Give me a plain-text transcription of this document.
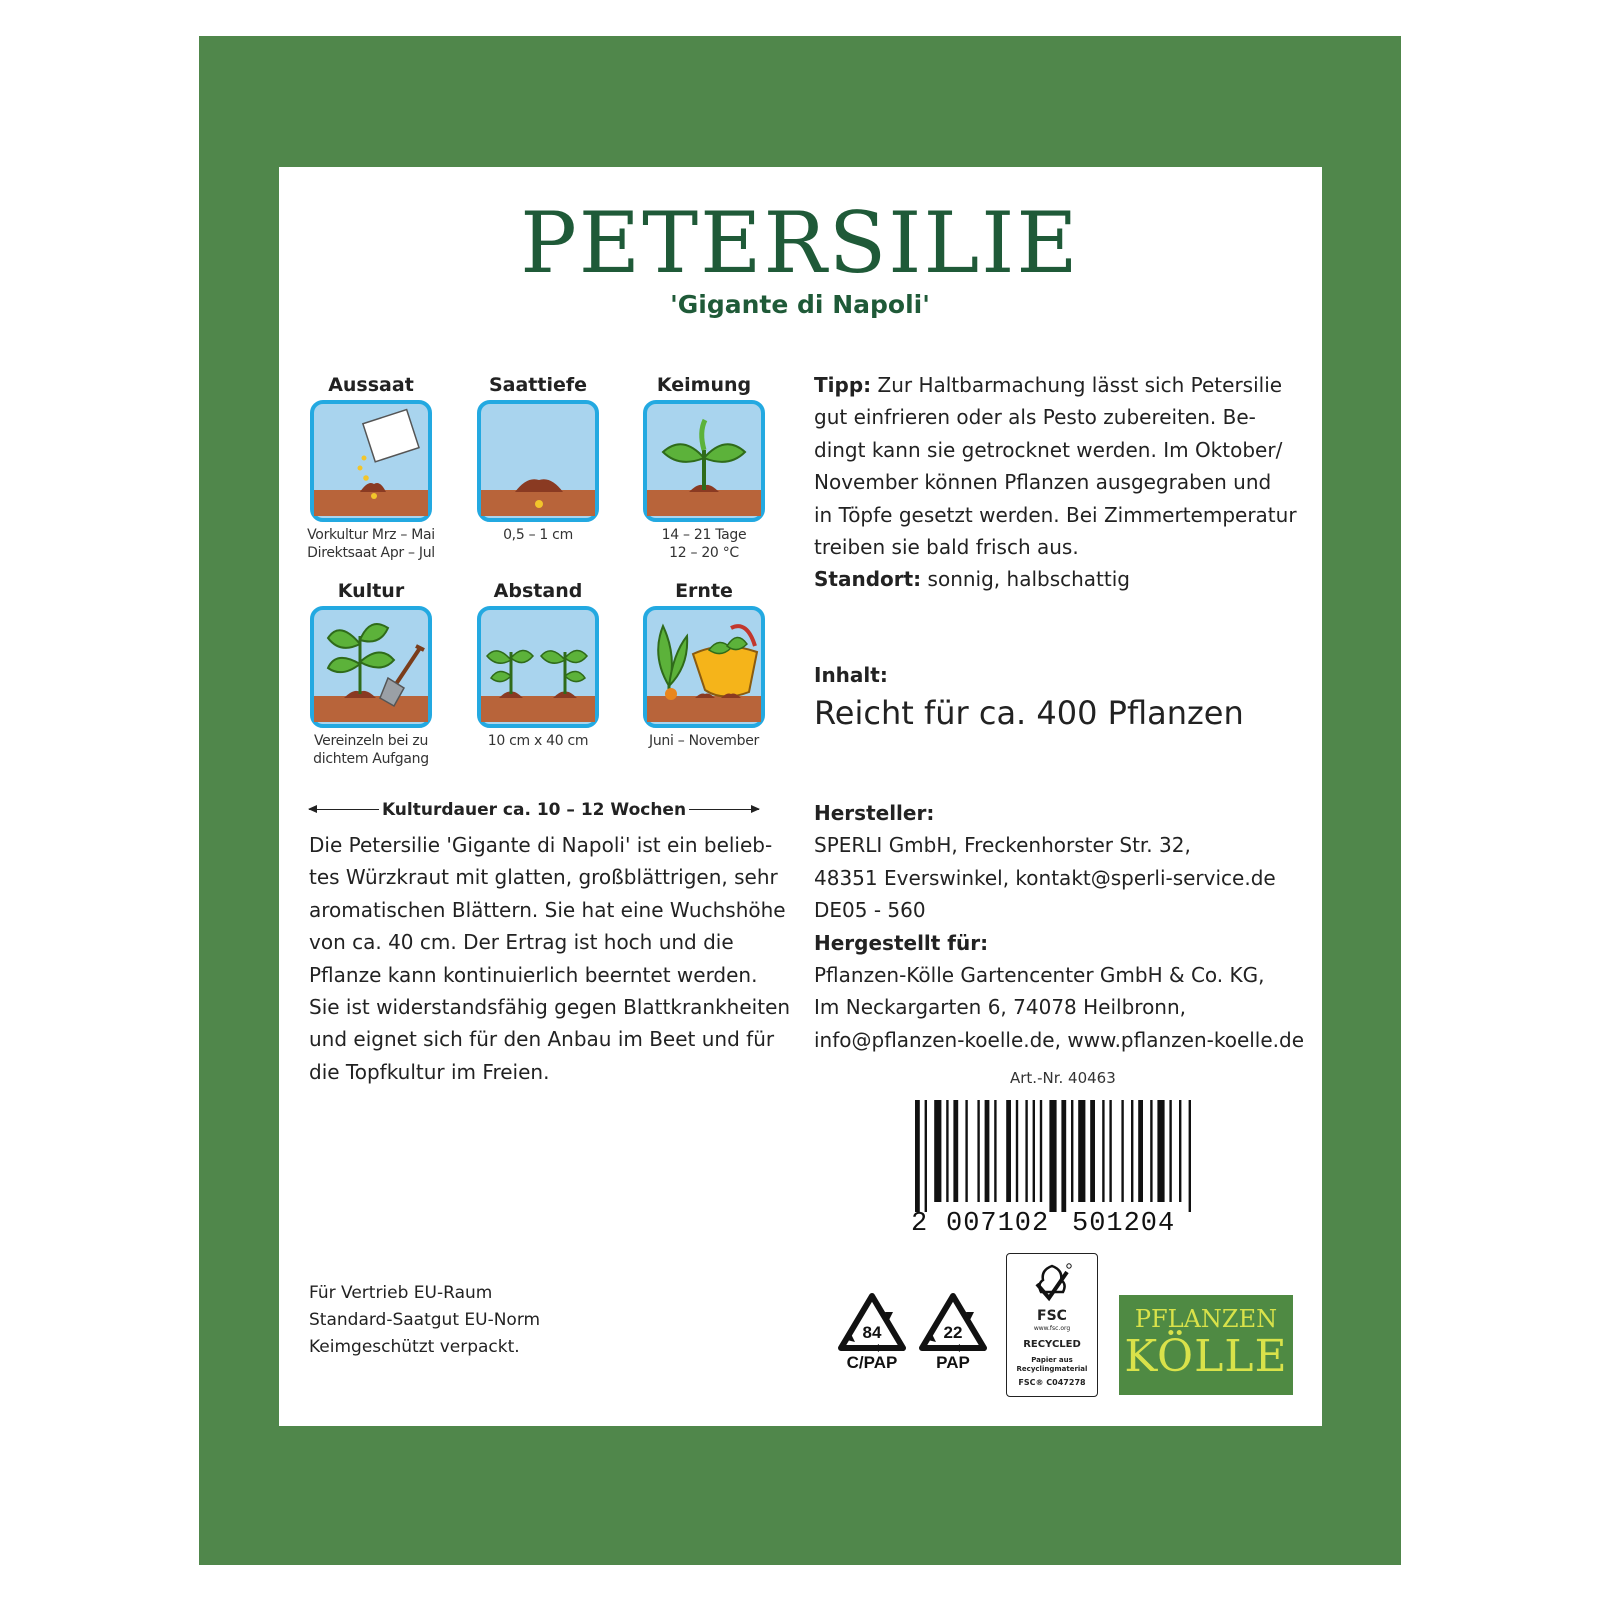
PETERSILIE
'Gigante di Napoli'
Aussaat
Vorkultur Mrz – Mai
Direktsaat Apr – Jul
Saattiefe
0,5 – 1 cm
Keimung
14 – 21 Tage
12 – 20 °C
Kultur
Vereinzeln bei zu
dichtem Aufgang
Abstand
10 cm x 40 cm
Ernte
Juni – November
Kulturdauer ca. 10 – 12 Wochen
Die Petersilie 'Gigante di Napoli' ist ein belieb-
tes Würzkraut mit glatten, großblättrigen, sehr
aromatischen Blättern. Sie hat eine Wuchshöhe
von ca. 40 cm. Der Ertrag ist hoch und die
Pflanze kann kontinuierlich beerntet werden.
Sie ist widerstandsfähig gegen Blattkrankheiten
und eignet sich für den Anbau im Beet und für
die Topfkultur im Freien.
Tipp: Zur Haltbarmachung lässt sich Petersilie
gut einfrieren oder als Pesto zubereiten. Be-
dingt kann sie getrocknet werden. Im Oktober/
November können Pflanzen ausgegraben und
in Töpfe gesetzt werden. Bei Zimmertemperatur
treiben sie bald frisch aus.
Standort: sonnig, halbschattig
Inhalt:
Reicht für ca. 400 Pflanzen
Hersteller:
SPERLI GmbH, Freckenhorster Str. 32,
48351 Everswinkel, kontakt@sperli-service.de
DE05 - 560
Hergestellt für:
Pflanzen-Kölle Gartencenter GmbH & Co. KG,
Im Neckargarten 6, 74078 Heilbronn,
info@pflanzen-koelle.de, www.pflanzen-koelle.de
Art.-Nr. 40463
2 007102 501204
Für Vertrieb EU-Raum
Standard-Saatgut EU-Norm
Keimgeschützt verpackt.
84
C/PAP
22
PAP
FSC
www.fsc.org
RECYCLED
Papier aus
Recyclingmaterial
FSC® C047278
PFLANZEN
KÖLLE
